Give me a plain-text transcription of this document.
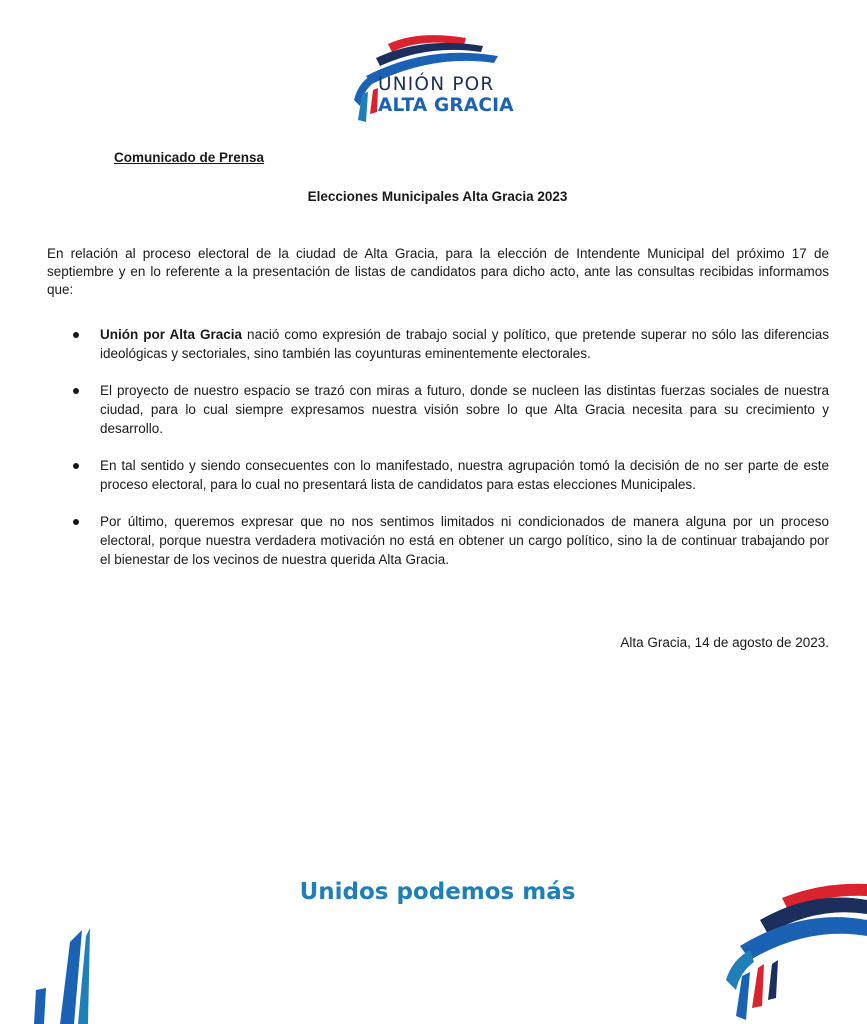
UNIÓN POR
ALTA GRACIA
Comunicado de Prensa
Elecciones Municipales Alta Gracia 2023

En relación al proceso electoral de la ciudad de Alta Gracia, para la elección de Intendente Municipal del próximo 17 de septiembre y en lo referente a la presentación de listas de candidatos para dicho acto, ante las consultas recibidas informamos que:

Unión por Alta Gracia nació como expresión de trabajo social y político, que pretende superar no sólo las diferencias ideológicas y sectoriales, sino también las coyunturas eminentemente electorales.
El proyecto de nuestro espacio se trazó con miras a futuro, donde se nucleen las distintas fuerzas sociales de nuestra ciudad, para lo cual siempre expresamos nuestra visión sobre lo que Alta Gracia necesita para su crecimiento y desarrollo.
En tal sentido y siendo consecuentes con lo manifestado, nuestra agrupación tomó la decisión de no ser parte de este proceso electoral, para lo cual no presentará lista de candidatos para estas elecciones Municipales.
Por último, queremos expresar que no nos sentimos limitados ni condicionados de manera alguna por un proceso electoral, porque nuestra verdadera motivación no está en obtener un cargo político, sino la de continuar trabajando por el bienestar de los vecinos de nuestra querida Alta Gracia.
Alta Gracia, 14 de agosto de 2023.
Unidos podemos más
